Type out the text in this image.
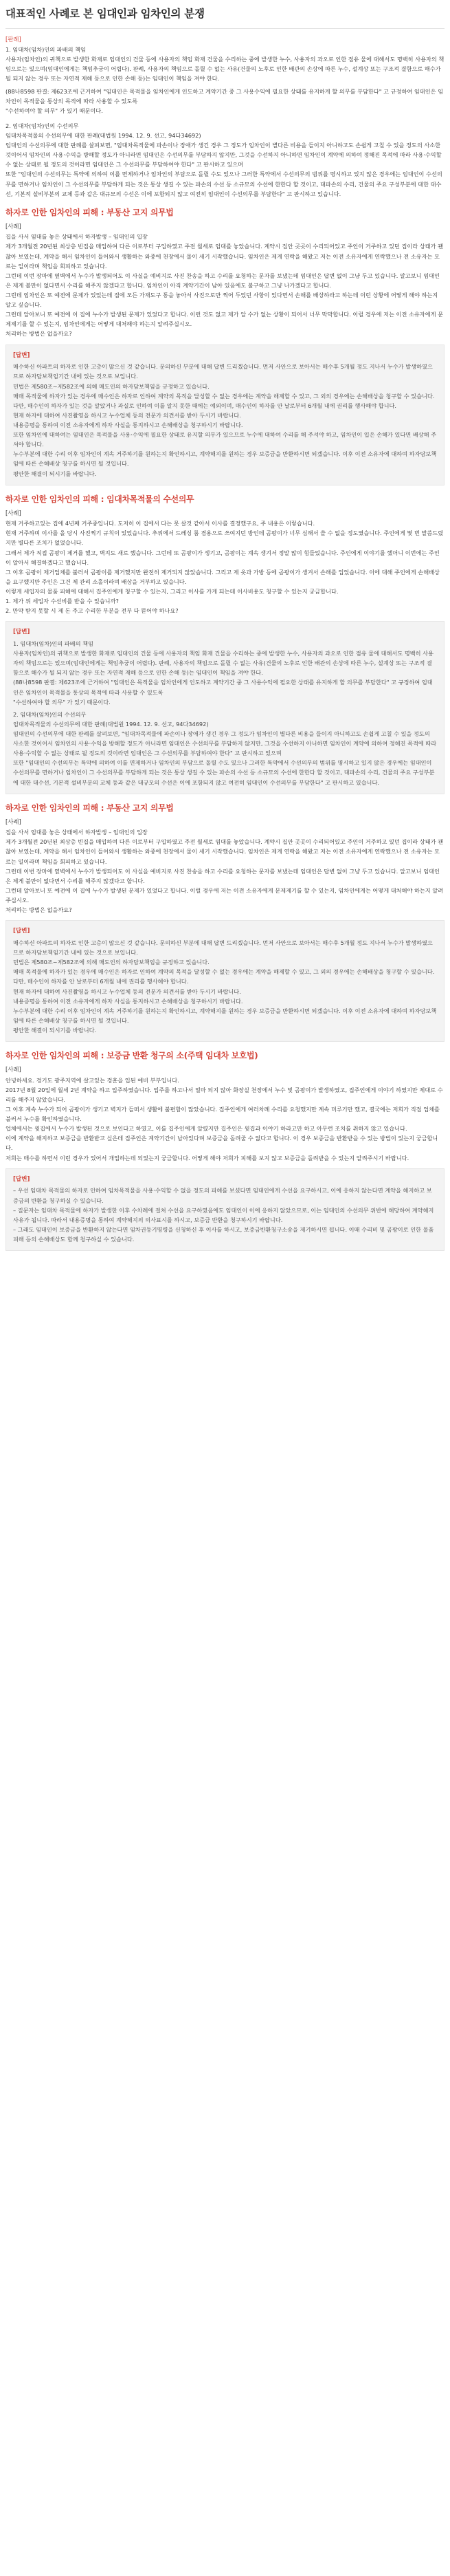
대표적인 사례로 본 임대인과 임차인의 분쟁
[판례]
1. 임대차(임차)인의 파배의 책임

사용자(임차인)의 귀책으로 발생한 화재로 임대인의 건물 등에 사용자의 책임 화재 건물을 수리하는 중에 발생한 누수, 사용자의 과오로 인한 점유 물에 대해서도 명백히 사용자의 책임으로는 있으며(임대인에게는 책임추궁이 어렵다). 판례, 사용자의 책임으로 돌릴 수 없는 사유(건물의 노후로 인한 배관의 손상에 따른 누수, 설계상 또는 구조적 결함으로 해수가 될 되지 않는 경우 또는 자연적 재해 등으로 인한 손해 등)는 임대인이 책임을 져야 한다.

(88나8598 판결: 제623조에 근거하여 "임대인은 목적물을 임차인에게 인도하고 계약기간 중 그 사용수익에 필요한 상태를 유지하게 할 의무를 부담한다" 고 규정하여 임대인은 임차인이 목적물을 통상의 목적에 따라 사용할 수 있도록

"수선하여야 할 의무" 가 있기 때문이다.

2. 임대차(임차)인의 수선의무

임대차목적물의 수선의무에 대한 판례(대법원 1994. 12. 9. 선고, 94다34692)

임대인의 수선의무에 대한 판례를 살펴보면, "임대차목적물에 파손이나 장애가 생긴 경우 그 정도가 임차인이 별다른 비용을 들이지 아니하고도 손쉽게 고칠 수 있을 정도의 사소한 것이어서 임차인의 사용·수익을 방해할 정도가 아니라면 임대인은 수선의무를 부담하지 않지만, 그것을 수선하지 아니하면 임차인이 계약에 의하여 정해진 목적에 따라 사용·수익할 수 없는 상태로 될 정도의 것이라면 임대인은 그 수선의무를 부담하여야 한다" 고 판시하고 있으며

또한 "임대인의 수선의무는 특약에 의하여 이를 면제하거나 임차인의 부담으로 돌릴 수도 있으나 그러한 특약에서 수선의무의 범위를 명시하고 있지 않은 경우에는 임대인이 수선의무를 면하거나 임차인이 그 수선의무를 부담하게 되는 것은 통상 생길 수 있는 파손의 수선 등 소규모의 수선에 한한다 할 것이고, 대파손의 수리, 건물의 주요 구성부분에 대한 대수선, 기본적 설비부분의 교체 등과 같은 대규모의 수선은 이에 포함되지 않고 여전히 임대인이 수선의무를 부담한다" 고 판시하고 있습니다.

하자로 인한 임차인의 피해 : 부동산 고지 의무법
[사례]
집을 사서 임대를 놓은 상태에서 하자발생 – 임대인의 입장

제가 3개월전 20년된 최상층 빈집을 매입하여 다른 이로부터 구입하였고 주전 월세로 임대를 놓았습니다. 계약시 집안 곳곳이 수리되어있고 주인이 거주하고 있던 집이라 상태가 괜찮아 보였는데, 계약을 해서 임차인이 들어와서 생활하는 와중에 천장에서 물이 새기 시작했습니다. 임차인은 제게 연락을 해왔고 저는 이전 소유자에게 연락했으나 전 소유자는 모르는 일이라며 책임을 회피하고 있습니다.

그런데 이번 장마에 옆벽에서 누수가 발생되어도 이 사실을 예비지로 사진 찬송을 하고 수리를 요청하는 문자를 보냈는데 임대인은 답변 없이 그냥 두고 있습니다. 알고보니 임대인은 제게 불만이 없다면서 수리를 해주지 않겠다고 합니다. 임차인이 아직 계약기간이 남아 있음에도 불구하고 그냥 나가겠다고 합니다.

그런데 임차인은 또 예전에 문제가 있었는데 집에 모든 가재도구 통을 놓아서 사진으로만 찍어 두었던 사항이 있다면서 손해를 배상하라고 하는데 이런 상황에 어떻게 해야 하는지 알고 싶습니다.

그런데 알아보니 또 예전에 이 집에 누수가 발생된 문제가 있었다고 합니다. 이런 것도 없고 제가 알 수가 없는 상황이 되어서 너무 막막합니다. 이럴 경우에 저는 이전 소유자에게 문제제기를 할 수 있는지, 임차인에게는 어떻게 대처해야 하는지 알려주십시오.

처리하는 방법은 없을까요?

[답변]

매수하신 아파트의 하자로 인한 고층이 많으신 것 같습니다. 문의하신 부분에 대해 답변 드리겠습니다. 먼저 사안으로 보아서는 매수후 5개월 정도 지나서 누수가 발생하였으므로 하자담보책임기간 내에 있는 것으로 보입니다.

민법은 제580조~제582조에 의해 매도인의 하자담보책임을 규정하고 있습니다.

매매 목적물에 하자가 있는 경우에 매수인은 하자로 인하여 계약의 목적을 달성할 수 없는 경우에는 계약을 해제할 수 있고, 그 외의 경우에는 손해배상을 청구할 수 있습니다. 다만, 매수인이 하자가 있는 것을 알았거나 과실로 인하여 이를 알지 못한 때에는 예외이며, 매수인이 하자를 안 날로부터 6개월 내에 권리를 행사해야 합니다.

현재 하자에 대하여 사진촬영을 하시고 누수업체 등의 전문가 의견서를 받아 두시기 바랍니다.

내용증명을 통하여 이전 소유자에게 하자 사실을 통지하시고 손해배상을 청구하시기 바랍니다.

또한 임차인에 대하여는 임대인은 목적물을 사용·수익에 필요한 상태로 유지할 의무가 있으므로 누수에 대하여 수리를 해 주셔야 하고, 임차인이 입은 손해가 있다면 배상해 주셔야 합니다.

누수부분에 대한 수리 이후 임차인이 계속 거주하기를 원하는지 확인하시고, 계약해지를 원하는 경우 보증금을 반환하시면 되겠습니다. 이후 이전 소유자에 대하여 하자담보책임에 따른 손해배상 청구를 하시면 될 것입니다.

평안한 해결이 되시기를 바랍니다.

하자로 인한 임차인의 피해 : 임대차목적물의 수선의무
[사례]

현재 거주하고있는 집에 4년째 거주중입니다. 도저히 이 집에서 다는 못 살것 같아서 이사를 결정했구요, 주 내용은 이렇습니다.

현재 거주하며 이사를 올 당시 사진찍기 규칙이 있었습니다. 추위에서 드레싱 룸 겸용으로 쓰여지던 방인데 곰팡이가 너무 심해서 쓸 수 없을 정도였습니다. 주인에게 몇 번 말씀드렸지만 별다른 조치가 없었습니다.

그래서 제가 직접 곰팡이 제거를 했고, 벽지도 새로 했습니다. 그런데 또 곰팡이가 생기고, 곰팡이는 계속 생겨서 정말 많이 힘들었습니다. 주인에게 이야기를 했더니 이번에는 주인이 알아서 해결하겠다고 했습니다.

그 이후 곰팡이 제거업체를 불러서 곰팡이를 제거했지만 완전히 제거되지 않았습니다. 그리고 제 옷과 가방 등에 곰팡이가 생겨서 손해를 입었습니다. 이에 대해 주인에게 손해배상을 요구했지만 주인은 그건 제 관리 소홀이라며 배상을 거부하고 있습니다.

이렇게 세입자의 물품 피해에 대해서 집주인에게 청구할 수 있는지, 그리고 이사를 가게 되는데 이사비용도 청구할 수 있는지 궁금합니다.

1. 제가 위 세입자 수선비를 받을 수 있습니까?

2. 만약 받지 못할 시 제 돈 주고 수리한 부분을 전부 다 뜯어야 하나요?

[답변]

1. 임대차(임차)인의 파배의 책임

사용자(임차인)의 귀책으로 발생한 화재로 임대인의 건물 등에 사용자의 책임 화재 건물을 수리하는 중에 발생한 누수, 사용자의 과오로 인한 점유 물에 대해서도 명백히 사용자의 책임으로는 있으며(임대인에게는 책임추궁이 어렵다). 판례, 사용자의 책임으로 돌릴 수 없는 사유(건물의 노후로 인한 배관의 손상에 따른 누수, 설계상 또는 구조적 결함으로 해수가 될 되지 않는 경우 또는 자연적 재해 등으로 인한 손해 등)는 임대인이 책임을 져야 한다.

(88나8598 판결: 제623조에 근거하여 "임대인은 목적물을 임차인에게 인도하고 계약기간 중 그 사용수익에 필요한 상태를 유지하게 할 의무를 부담한다" 고 규정하여 임대인은 임차인이 목적물을 통상의 목적에 따라 사용할 수 있도록

"수선하여야 할 의무" 가 있기 때문이다.

2. 임대차(임차)인의 수선의무

임대차목적물의 수선의무에 대한 판례(대법원 1994. 12. 9. 선고, 94다34692)

임대인의 수선의무에 대한 판례를 살펴보면, "임대차목적물에 파손이나 장애가 생긴 경우 그 정도가 임차인이 별다른 비용을 들이지 아니하고도 손쉽게 고칠 수 있을 정도의 사소한 것이어서 임차인의 사용·수익을 방해할 정도가 아니라면 임대인은 수선의무를 부담하지 않지만, 그것을 수선하지 아니하면 임차인이 계약에 의하여 정해진 목적에 따라 사용·수익할 수 없는 상태로 될 정도의 것이라면 임대인은 그 수선의무를 부담하여야 한다" 고 판시하고 있으며

또한 "임대인의 수선의무는 특약에 의하여 이를 면제하거나 임차인의 부담으로 돌릴 수도 있으나 그러한 특약에서 수선의무의 범위를 명시하고 있지 않은 경우에는 임대인이 수선의무를 면하거나 임차인이 그 수선의무를 부담하게 되는 것은 통상 생길 수 있는 파손의 수선 등 소규모의 수선에 한한다 할 것이고, 대파손의 수리, 건물의 주요 구성부분에 대한 대수선, 기본적 설비부분의 교체 등과 같은 대규모의 수선은 이에 포함되지 않고 여전히 임대인이 수선의무를 부담한다" 고 판시하고 있습니다.

하자로 인한 임차인의 피해 : 부동산 고지 의무법
[사례]
집을 사서 임대를 놓은 상태에서 하자발생 – 임대인의 입장

제가 3개월전 20년된 최상층 빈집을 매입하여 다른 이로부터 구입하였고 주전 월세로 임대를 놓았습니다. 계약시 집안 곳곳이 수리되어있고 주인이 거주하고 있던 집이라 상태가 괜찮아 보였는데, 계약을 해서 임차인이 들어와서 생활하는 와중에 천장에서 물이 새기 시작했습니다. 임차인은 제게 연락을 해왔고 저는 이전 소유자에게 연락했으나 전 소유자는 모르는 일이라며 책임을 회피하고 있습니다.

그런데 이번 장마에 옆벽에서 누수가 발생되어도 이 사실을 예비지로 사진 찬송을 하고 수리를 요청하는 문자를 보냈는데 임대인은 답변 없이 그냥 두고 있습니다. 알고보니 임대인은 제게 불만이 없다면서 수리를 해주지 않겠다고 합니다.

그런데 알아보니 또 예전에 이 집에 누수가 발생된 문제가 있었다고 합니다. 이럴 경우에 저는 이전 소유자에게 문제제기를 할 수 있는지, 임차인에게는 어떻게 대처해야 하는지 알려주십시오.

처리하는 방법은 없을까요?

[답변]

매수하신 아파트의 하자로 인한 고층이 많으신 것 같습니다. 문의하신 부분에 대해 답변 드리겠습니다. 먼저 사안으로 보아서는 매수후 5개월 정도 지나서 누수가 발생하였으므로 하자담보책임기간 내에 있는 것으로 보입니다.

민법은 제580조~제582조에 의해 매도인의 하자담보책임을 규정하고 있습니다.

매매 목적물에 하자가 있는 경우에 매수인은 하자로 인하여 계약의 목적을 달성할 수 없는 경우에는 계약을 해제할 수 있고, 그 외의 경우에는 손해배상을 청구할 수 있습니다. 다만, 매수인이 하자를 안 날로부터 6개월 내에 권리를 행사해야 합니다.

현재 하자에 대하여 사진촬영을 하시고 누수업체 등의 전문가 의견서를 받아 두시기 바랍니다.

내용증명을 통하여 이전 소유자에게 하자 사실을 통지하시고 손해배상을 청구하시기 바랍니다.

누수부분에 대한 수리 이후 임차인이 계속 거주하기를 원하는지 확인하시고, 계약해지를 원하는 경우 보증금을 반환하시면 되겠습니다. 이후 이전 소유자에 대하여 하자담보책임에 따른 손해배상 청구를 하시면 될 것입니다.

평안한 해결이 되시기를 바랍니다.

하자로 인한 임차인의 피해 : 보증금 반환 청구의 소(주택 임대차 보호법)
[사례]

안녕하세요. 경기도 광주지역에 살고있는 경훈을 입된 예비 부부입니다.

2017년 8월 20일에 월세 2년 계약을 하고 입주하였습니다. 입주를 하고나서 얼마 되지 않아 화장실 천장에서 누수 및 곰팡이가 발생하였고, 집주인에게 이야기 하였지만 제대로 수리를 해주지 않았습니다.

그 이후 계속 누수가 되어 곰팡이가 생기고 벽지가 들떠서 생활에 불편함이 많았습니다. 집주인에게 여러차례 수리를 요청했지만 계속 미루기만 했고, 결국에는 저희가 직접 업체를 불러서 누수를 확인하였습니다.

업체에서는 윗집에서 누수가 발생된 것으로 보인다고 하였고, 이를 집주인에게 알렸지만 집주인은 윗집과 이야기 하라고만 하고 아무런 조치를 취하지 않고 있습니다.

이에 계약을 해지하고 보증금을 반환받고 싶은데 집주인은 계약기간이 남아있다며 보증금을 돌려줄 수 없다고 합니다. 이 경우 보증금을 반환받을 수 있는 방법이 있는지 궁금합니다.

저희는 매수를 하면서 이런 경우가 있어서 개업하는데 되었는지 궁금합니다. 어떻게 해야 저희가 피해를 보지 않고 보증금을 돌려받을 수 있는지 알려주시기 바랍니다.

[답변]

– 우선 임대차 목적물의 하자로 인하여 임차목적물을 사용·수익할 수 없을 정도의 피해를 보셨다면 임대인에게 수선을 요구하시고, 이에 응하지 않는다면 계약을 해지하고 보증금의 반환을 청구하실 수 있습니다.

– 질문자는 임대차 목적물에 하자가 발생한 이후 수차례에 걸쳐 수선을 요구하였음에도 임대인이 이에 응하지 않았으므로, 이는 임대인의 수선의무 위반에 해당하여 계약해지 사유가 됩니다. 따라서 내용증명을 통하여 계약해지의 의사표시를 하시고, 보증금 반환을 청구하시기 바랍니다.

– 그래도 임대인이 보증금을 반환하지 않는다면 임차권등기명령을 신청하신 후 이사를 하시고, 보증금반환청구소송을 제기하시면 됩니다. 이때 수리비 및 곰팡이로 인한 물품 피해 등의 손해배상도 함께 청구하실 수 있습니다.
